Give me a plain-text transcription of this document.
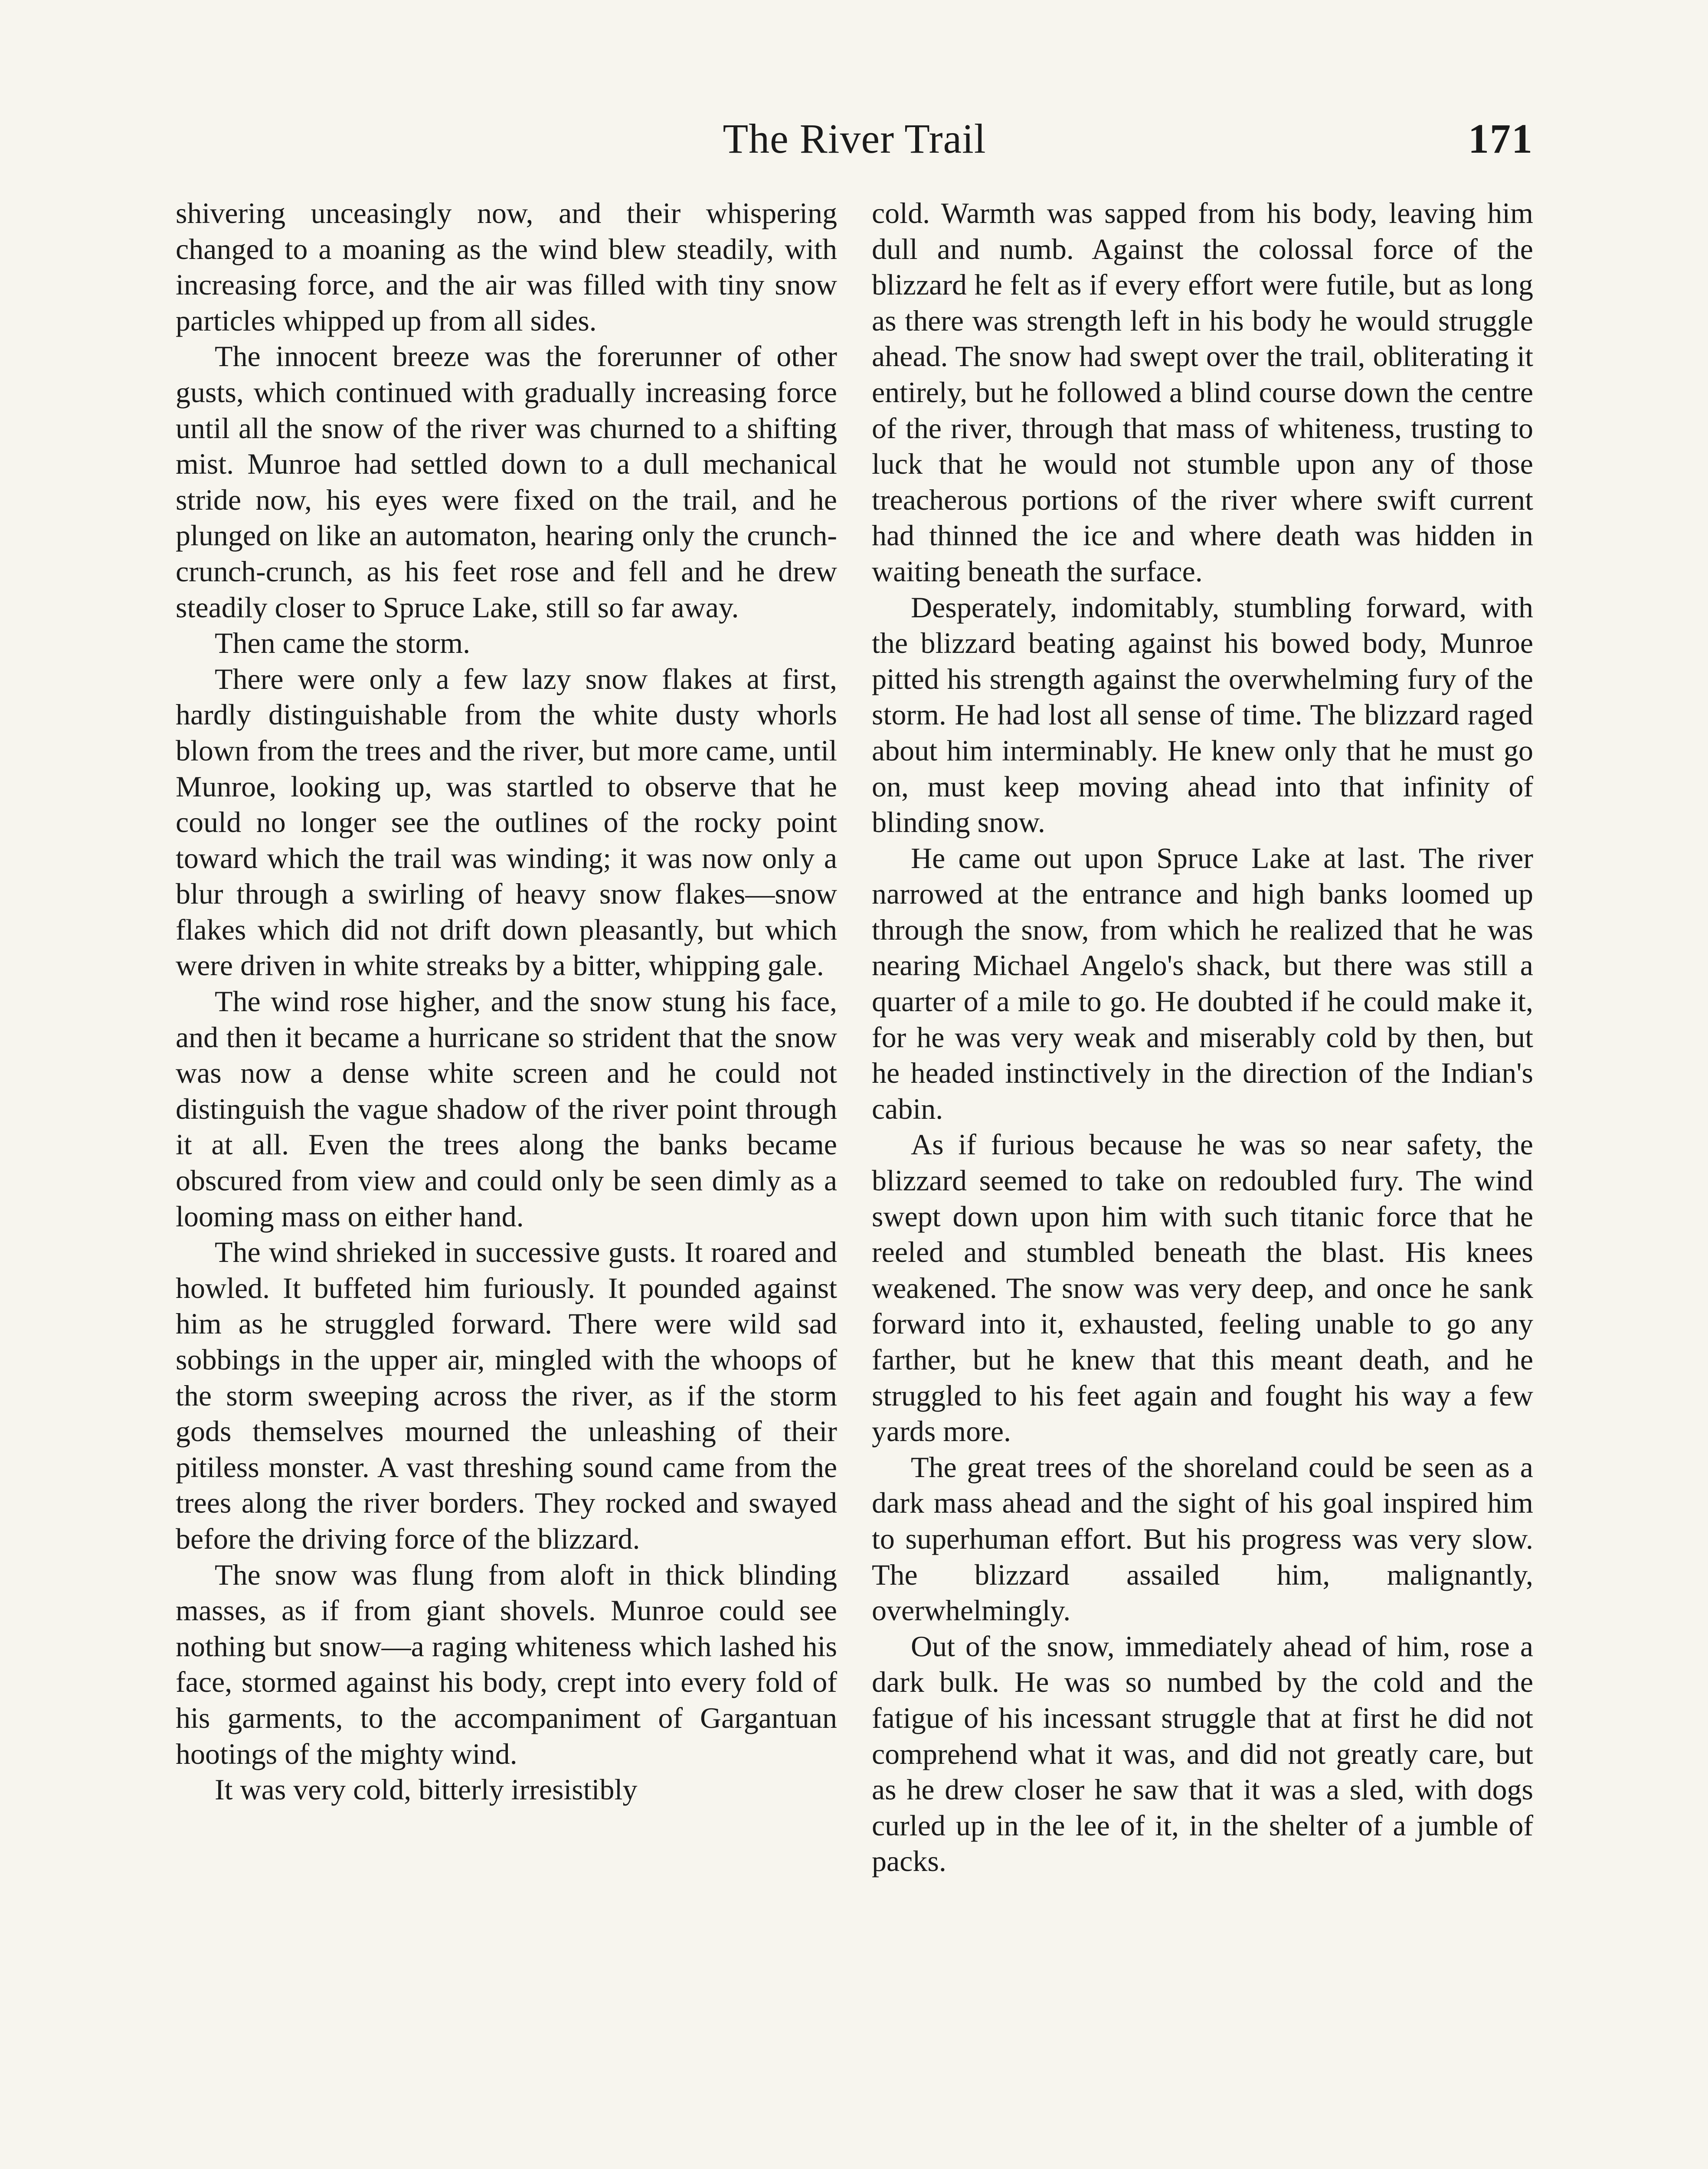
The River Trail	171

shivering unceasingly now, and their whispering changed to a moaning as the wind blew steadily, with increasing force, and the air was filled with tiny snow particles whipped up from all sides.

The innocent breeze was the forerunner of other gusts, which continued with gradually increasing force until all the snow of the river was churned to a shifting mist. Munroe had settled down to a dull mechanical stride now, his eyes were fixed on the trail, and he plunged on like an automaton, hearing only the crunch-crunch-crunch, as his feet rose and fell and he drew steadily closer to Spruce Lake, still so far away.

Then came the storm.

There were only a few lazy snow flakes at first, hardly distinguishable from the white dusty whorls blown from the trees and the river, but more came, until Munroe, looking up, was startled to observe that he could no longer see the outlines of the rocky point toward which the trail was winding; it was now only a blur through a swirling of heavy snow flakes—snow flakes which did not drift down pleasantly, but which were driven in white streaks by a bitter, whipping gale.

The wind rose higher, and the snow stung his face, and then it became a hurricane so strident that the snow was now a dense white screen and he could not distinguish the vague shadow of the river point through it at all. Even the trees along the banks became obscured from view and could only be seen dimly as a looming mass on either hand.

The wind shrieked in successive gusts. It roared and howled. It buffeted him furiously. It pounded against him as he struggled forward. There were wild sad sobbings in the upper air, mingled with the whoops of the storm sweeping across the river, as if the storm gods themselves mourned the unleashing of their pitiless monster. A vast threshing sound came from the trees along the river borders. They rocked and swayed before the driving force of the blizzard.

The snow was flung from aloft in thick blinding masses, as if from giant shovels. Munroe could see nothing but snow—a raging whiteness which lashed his face, stormed against his body, crept into every fold of his garments, to the accompaniment of Gargantuan hootings of the mighty wind.

It was very cold, bitterly irresistibly

cold. Warmth was sapped from his body, leaving him dull and numb. Against the colossal force of the blizzard he felt as if every effort were futile, but as long as there was strength left in his body he would struggle ahead. The snow had swept over the trail, obliterating it entirely, but he followed a blind course down the centre of the river, through that mass of whiteness, trusting to luck that he would not stumble upon any of those treacherous portions of the river where swift current had thinned the ice and where death was hidden in waiting beneath the surface.

Desperately, indomitably, stumbling forward, with the blizzard beating against his bowed body, Munroe pitted his strength against the overwhelming fury of the storm. He had lost all sense of time. The blizzard raged about him interminably. He knew only that he must go on, must keep moving ahead into that infinity of blinding snow.

He came out upon Spruce Lake at last. The river narrowed at the entrance and high banks loomed up through the snow, from which he realized that he was nearing Michael Angelo's shack, but there was still a quarter of a mile to go. He doubted if he could make it, for he was very weak and miserably cold by then, but he headed instinctively in the direction of the Indian's cabin.

As if furious because he was so near safety, the blizzard seemed to take on redoubled fury. The wind swept down upon him with such titanic force that he reeled and stumbled beneath the blast. His knees weakened. The snow was very deep, and once he sank forward into it, exhausted, feeling unable to go any farther, but he knew that this meant death, and he struggled to his feet again and fought his way a few yards more.

The great trees of the shoreland could be seen as a dark mass ahead and the sight of his goal inspired him to superhuman effort. But his progress was very slow. The blizzard assailed him, malignantly, overwhelmingly.

Out of the snow, immediately ahead of him, rose a dark bulk. He was so numbed by the cold and the fatigue of his incessant struggle that at first he did not comprehend what it was, and did not greatly care, but as he drew closer he saw that it was a sled, with dogs curled up in the lee of it, in the shelter of a jumble of packs.
